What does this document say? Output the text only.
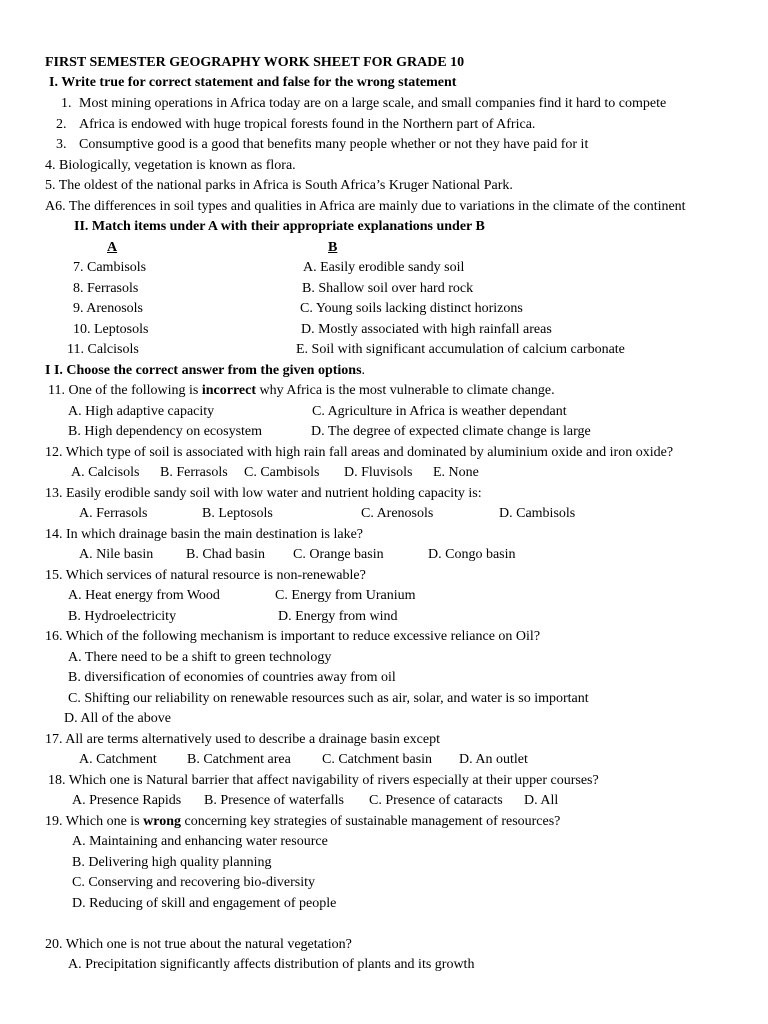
FIRST SEMESTER GEOGRAPHY WORK SHEET FOR GRADE 10
I. Write true for correct statement and false for the wrong statement
1. Most mining operations in Africa today are on a large scale, and small companies find it hard to compete
2. Africa is endowed with huge tropical forests found in the Northern part of Africa.
3. Consumptive good is a good that benefits many people whether or not they have paid for it
4. Biologically, vegetation is known as flora.
5. The oldest of the national parks in Africa is South Africa’s Kruger National Park.
A6. The differences in soil types and qualities in Africa are mainly due to variations in the climate of the continent
II. Match items under A with their appropriate explanations under B
A	B
7. Cambisols	A. Easily erodible sandy soil
8. Ferrasols	B. Shallow soil over hard rock
9. Arenosols	C. Young soils lacking distinct horizons
10. Leptosols	D. Mostly associated with high rainfall areas
11. Calcisols	E. Soil with significant accumulation of calcium carbonate
I I. Choose the correct answer from the given options.
11. One of the following is incorrect why Africa is the most vulnerable to climate change.
A. High adaptive capacity	C. Agriculture in Africa is weather dependant
B. High dependency on ecosystem	D. The degree of expected climate change is large
12. Which type of soil is associated with high rain fall areas and dominated by aluminium oxide and iron oxide?
A. Calcisols B. Ferrasols C. Cambisols D. Fluvisols E. None
13. Easily erodible sandy soil with low water and nutrient holding capacity is:
A. Ferrasols	B. Leptosols	C. Arenosols	D. Cambisols
14. In which drainage basin the main destination is lake?
A. Nile basin B. Chad basin C. Orange basin	D. Congo basin
15. Which services of natural resource is non-renewable?
A. Heat energy from Wood	C. Energy from Uranium
B. Hydroelectricity	D. Energy from wind
16. Which of the following mechanism is important to reduce excessive reliance on Oil?
A. There need to be a shift to green technology
B. diversification of economies of countries away from oil
C. Shifting our reliability on renewable resources such as air, solar, and water is so important
D. All of the above
17. All are terms alternatively used to describe a drainage basin except
A. Catchment B. Catchment area C. Catchment basin D. An outlet
18. Which one is Natural barrier that affect navigability of rivers especially at their upper courses?
A. Presence Rapids B. Presence of waterfalls C. Presence of cataracts D. All
19. Which one is wrong concerning key strategies of sustainable management of resources?
A. Maintaining and enhancing water resource
B. Delivering high quality planning
C. Conserving and recovering bio-diversity
D. Reducing of skill and engagement of people
20. Which one is not true about the natural vegetation?
A. Precipitation significantly affects distribution of plants and its growth
